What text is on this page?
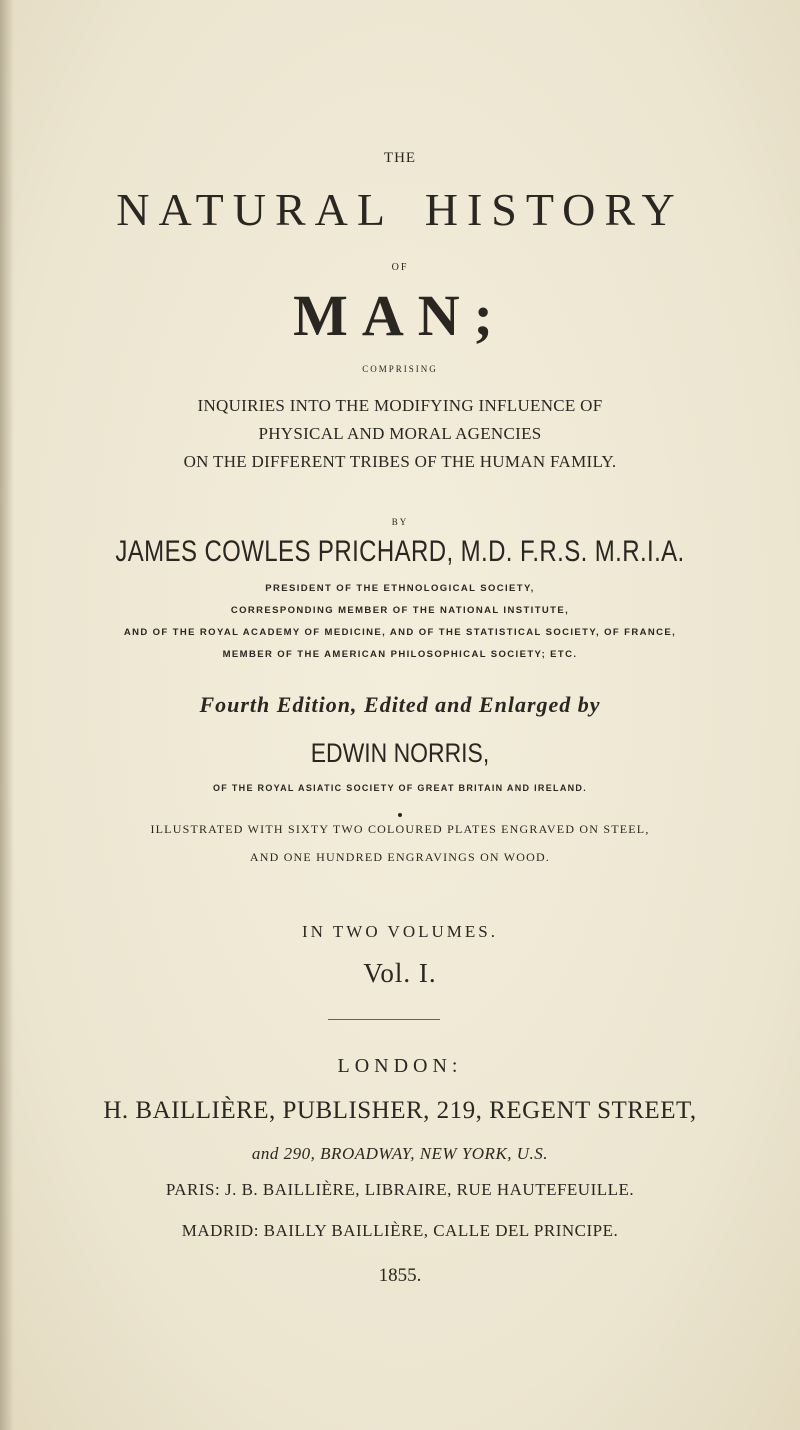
THE
NATURAL HISTORY
OF
MAN;
COMPRISING
INQUIRIES INTO THE MODIFYING INFLUENCE OF
PHYSICAL AND MORAL AGENCIES
ON THE DIFFERENT TRIBES OF THE HUMAN FAMILY.
BY
JAMES COWLES PRICHARD, M.D. F.R.S. M.R.I.A.
PRESIDENT OF THE ETHNOLOGICAL SOCIETY,
CORRESPONDING MEMBER OF THE NATIONAL INSTITUTE,
AND OF THE ROYAL ACADEMY OF MEDICINE, AND OF THE STATISTICAL SOCIETY, OF FRANCE,
MEMBER OF THE AMERICAN PHILOSOPHICAL SOCIETY; ETC.
Fourth Edition, Edited and Enlarged by
EDWIN NORRIS,
OF THE ROYAL ASIATIC SOCIETY OF GREAT BRITAIN AND IRELAND.
ILLUSTRATED WITH SIXTY TWO COLOURED PLATES ENGRAVED ON STEEL,
AND ONE HUNDRED ENGRAVINGS ON WOOD.
IN TWO VOLUMES.
Vol. I.
LONDON:
H. BAILLIÈRE, PUBLISHER, 219, REGENT STREET,
and 290, BROADWAY, NEW YORK, U.S.
PARIS: J. B. BAILLIÈRE, LIBRAIRE, RUE HAUTEFEUILLE.
MADRID: BAILLY BAILLIÈRE, CALLE DEL PRINCIPE.
1855.
